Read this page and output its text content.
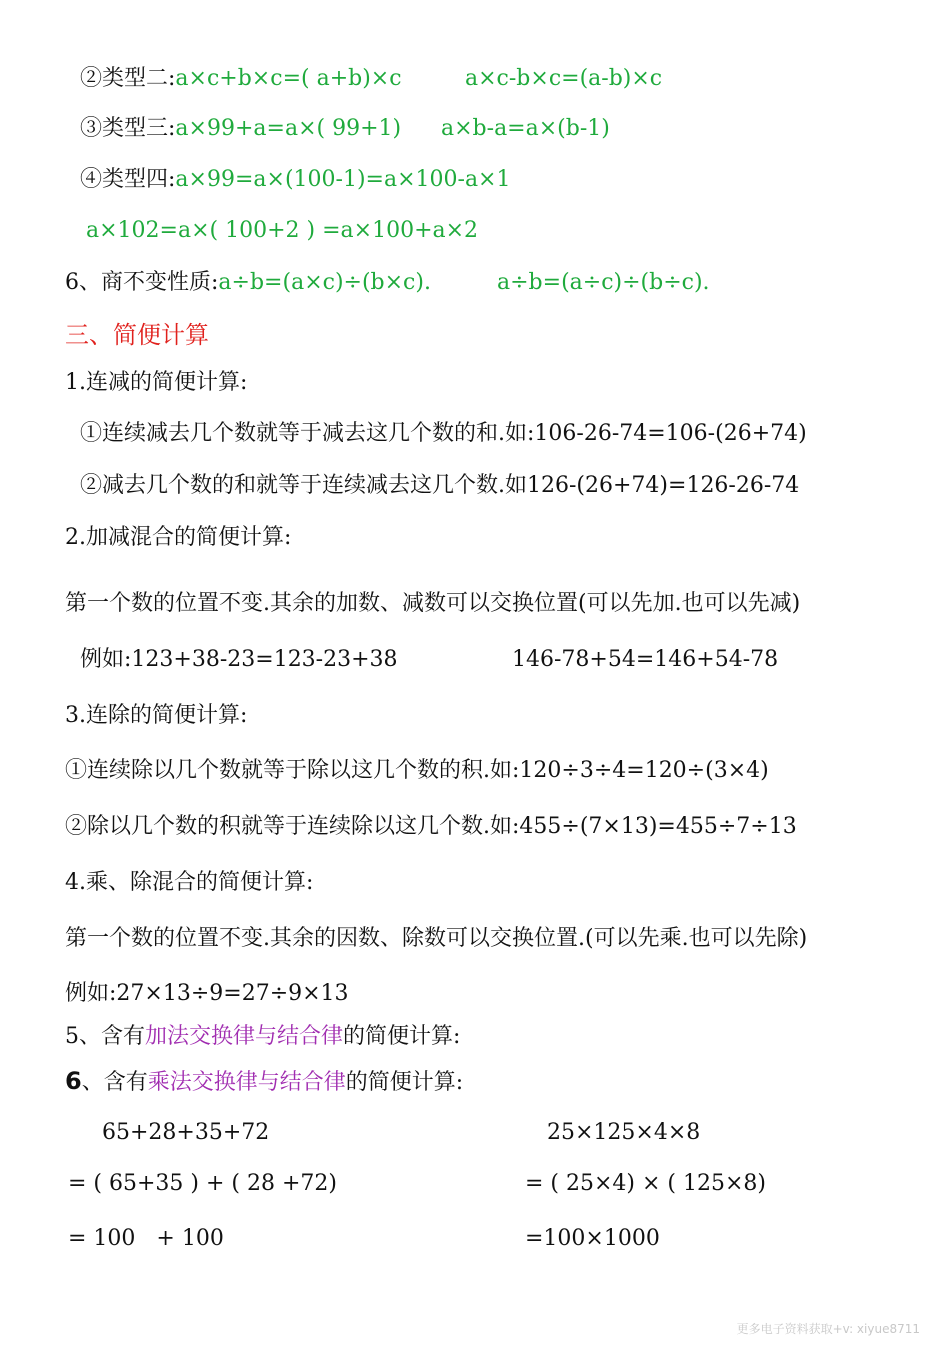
②类型二:a×c+b×c=( a+b)×c	a×c-b×c=(a-b)×c
③类型三:a×99+a=a×( 99+1) a×b-a=a×(b-1)
④类型四:a×99=a×(100-1)=a×100-a×1
a×102=a×( 100+2 ) =a×100+a×2
6、商不变性质:a÷b=(a×c)÷(b×c).	a÷b=(a÷c)÷(b÷c).
三、简便计算
1.连减的简便计算:
①连续减去几个数就等于减去这几个数的和.如:106-26-74=106-(26+74)
②减去几个数的和就等于连续减去这几个数.如126-(26+74)=126-26-74
2.加减混合的简便计算:
第一个数的位置不变.其余的加数、减数可以交换位置(可以先加.也可以先减)
例如:123+38-23=123-23+38	146-78+54=146+54-78
3.连除的简便计算:
①连续除以几个数就等于除以这几个数的积.如:120÷3÷4=120÷(3×4)
②除以几个数的积就等于连续除以这几个数.如:455÷(7×13)=455÷7÷13
4.乘、除混合的简便计算:
第一个数的位置不变.其余的因数、除数可以交换位置.(可以先乘.也可以先除)
例如:27×13÷9=27÷9×13
5、含有加法交换律与结合律的简便计算:
6、含有乘法交换律与结合律的简便计算:
65+28+35+72
= ( 65+35 ) + ( 28 +72)
= 100   + 100
25×125×4×8
= ( 25×4) × ( 125×8)
=100×1000
更多电子资料获取+v: xiyue8711
